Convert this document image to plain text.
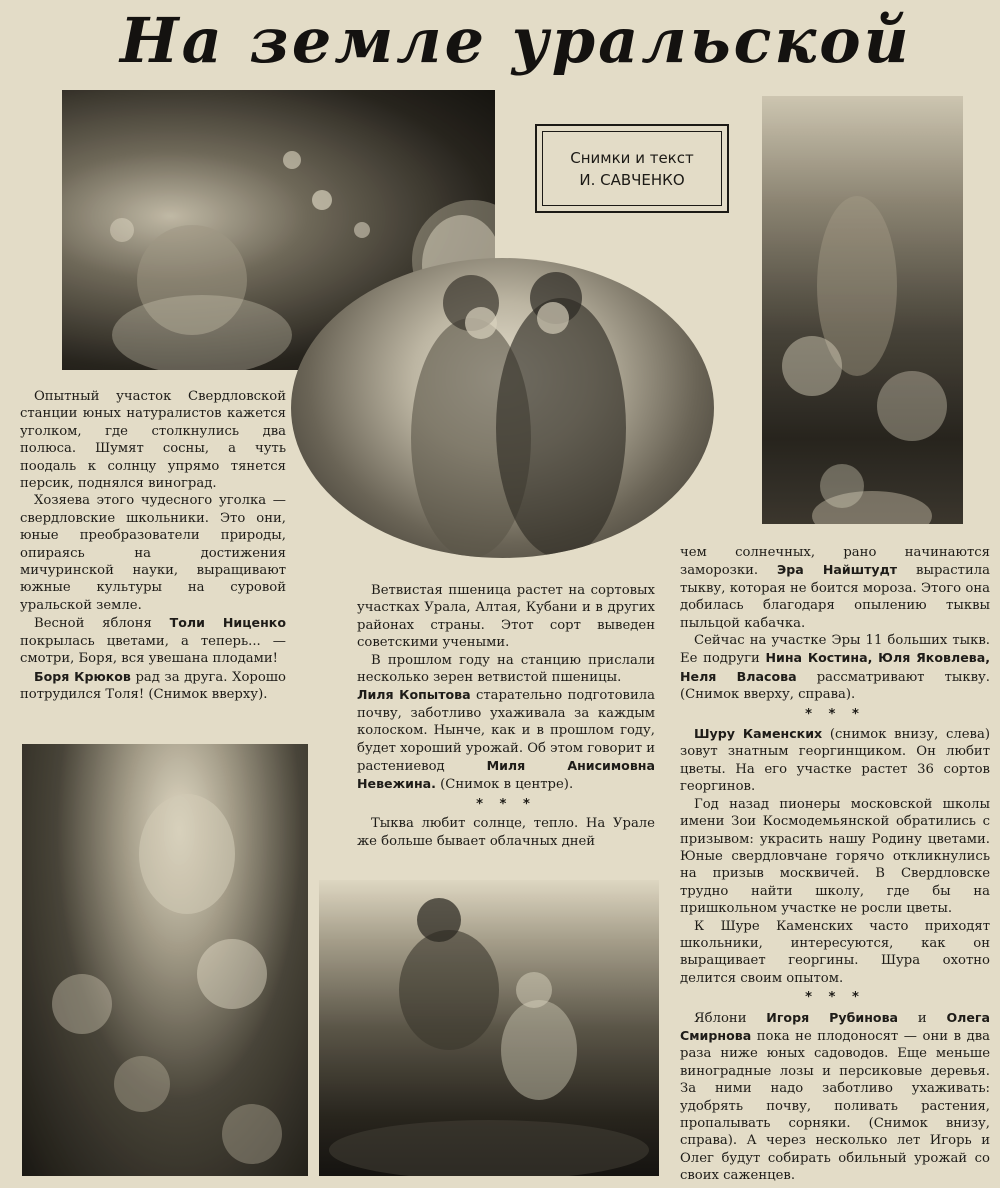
На земле уральской
Снимки и текст
И. САВЧЕНКО

Опытный участок Свердловской станции юных натуралистов кажется уголком, где столкнулись два полюса. Шумят сосны, а чуть поодаль к солнцу упрямо тянется персик, поднялся виноград.

Хозяева этого чудесного уголка — свердловские школьники. Это они, юные преобразователи природы, опираясь на достижения мичуринской науки, выращивают южные культуры на суровой уральской земле.

Весной яблоня Толи Ниценко покрылась цветами, а теперь... — смотри, Боря, вся увешана плодами!

Боря Крюков рад за друга. Хорошо потрудился Толя! (Снимок вверху).

Ветвистая пшеница растет на сортовых участках Урала, Алтая, Кубани и в других районах страны. Этот сорт выведен советскими учеными.

В прошлом году на станцию прислали несколько зерен ветвистой пшеницы.

Лиля Копытова старательно подготовила почву, заботливо ухаживала за каждым колоском. Нынче, как и в прошлом году, будет хороший урожай. Об этом говорит и растениевод Миля Анисимовна Невежина. (Снимок в центре).

* * *

Тыква любит солнце, тепло. На Урале же больше бывает облачных дней

чем солнечных, рано начинаются заморозки. Эра Найштудт вырастила тыкву, которая не боится мороза. Этого она добилась благодаря опылению тыквы пыльцой кабачка.

Сейчас на участке Эры 11 больших тыкв. Ее подруги Нина Костина, Юля Яковлева, Неля Власова рассматривают тыкву. (Снимок вверху, справа).

* * *

Шуру Каменских (снимок внизу, слева) зовут знатным георгинщиком. Он любит цветы. На его участке растет 36 сортов георгинов.

Год назад пионеры московской школы имени Зои Космодемьянской обратились с призывом: украсить нашу Родину цветами. Юные свердловчане горячо откликнулись на призыв москвичей. В Свердловске трудно найти школу, где бы на пришкольном участке не росли цветы.

К Шуре Каменских часто приходят школьники, интересуются, как он выращивает георгины. Шура охотно делится своим опытом.

* * *

Яблони Игоря Рубинова и Олега Смирнова пока не плодоносят — они в два раза ниже юных садоводов. Еще меньше виноградные лозы и персиковые деревья. За ними надо заботливо ухаживать: удобрять почву, поливать растения, пропалывать сорняки. (Снимок внизу, справа). А через несколько лет Игорь и Олег будут собирать обильный урожай со своих саженцев.
